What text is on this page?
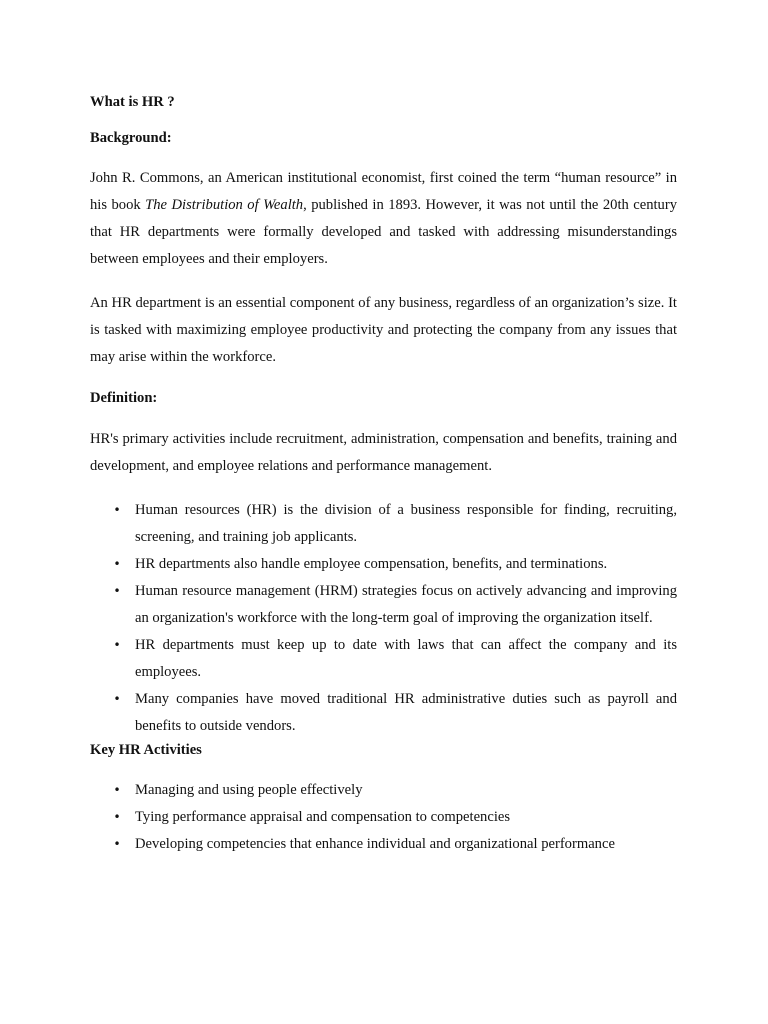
What is HR ?

Background:

John R. Commons, an American institutional economist, first coined the term “human resource” in his book The Distribution of Wealth, published in 1893. However, it was not until the 20th century that HR departments were formally developed and tasked with addressing misunderstandings between employees and their employers.

An HR department is an essential component of any business, regardless of an organization’s size. It is tasked with maximizing employee productivity and protecting the company from any issues that may arise within the workforce.

Definition:

HR's primary activities include recruitment, administration, compensation and benefits, training and development, and employee relations and performance management.

• Human resources (HR) is the division of a business responsible for finding, recruiting, screening, and training job applicants.
• HR departments also handle employee compensation, benefits, and terminations.
• Human resource management (HRM) strategies focus on actively advancing and improving an organization's workforce with the long-term goal of improving the organization itself.
• HR departments must keep up to date with laws that can affect the company and its employees.
• Many companies have moved traditional HR administrative duties such as payroll and benefits to outside vendors.

Key HR Activities

• Managing and using people effectively
• Tying performance appraisal and compensation to competencies
• Developing competencies that enhance individual and organizational performance
